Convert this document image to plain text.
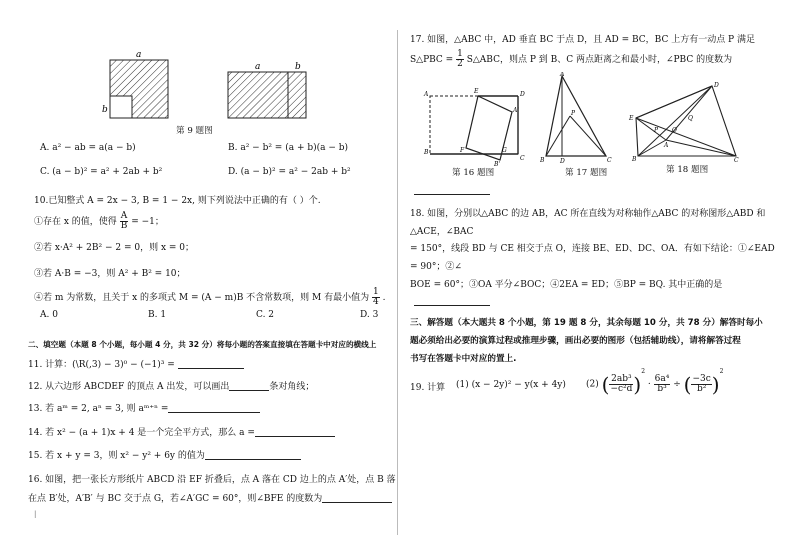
a
b
a	b
第 9 题图
A. a² − ab = a(a − b)	B. a² − b² = (a + b)(a − b)
C. (a − b)² = a² + 2ab + b²	D. (a − b)² = a² − 2ab + b²
10.已知整式 A = 2x − 3, B = 1 − 2x, 则下列说法中正确的有（ ）个.
①存在 x 的值，使得 $\frac{A}{B} = -1$；
②若 x·A² + 2B² − 2 = 0，则 x = 0；
③若 A·B = −3，则 A² + B² = 10；
④若 m 为常数，且关于 x 的多项式 M = (A − m)B 不含常数项，则 M 有最小值为 $\frac{1}{4}$ .
A. 0	B. 1	C. 2	D. 3
二、填空题（本题 8 个小题，每小题 4 分，共 32 分）将每小题的答案直接填在答题卡中对应的横线上
11. 计算：(\R(,3) − 3)⁰ − (−1)³ =
12. 从六边形 ABCDEF 的顶点 A 出发，可以画出	条对角线；
13. 若 aᵐ = 2, aⁿ = 3, 则 aᵐ⁺ⁿ =
14. 若 x² − (a + 1)x + 4 是一个完全平方式，那么 a =
15. 若 x + y = 3，则 x² − y² + 6y 的值为
16. 如图，把一张长方形纸片 ABCD 沿 EF 折叠后，点 A 落在 CD 边上的点 A′处，点 B 落
在点 B′处，A′B′ 与 BC 交于点 G，若∠A′GC = 60°，则∠BFE 的度数为
|
17. 如图，△ABC 中，AD 垂直 BC 于点 D，且 AD = BC，BC 上方有一动点 P 满足
S△PBC = $\frac{1}{2}$ S△ABC，则点 P 到 B、C 两点距离之和最小时，∠PBC 的度数为
A
B
C
D
E
F	G
A'
B'
第 16 题图
A
B	D	C
P
第 17 题图
E
D
B	C
A
O
P
Q
第 18 题图
18. 如图，分别以△ABC 的边 AB，AC 所在直线为对称轴作△ABC 的对称图形△ABD 和
△ACE，∠BAC
= 150°，线段 BD 与 CE 相交于点 O，连接 BE、ED、DC、OA．有如下结论：①∠EAD
= 90°；②∠
BOE = 60°；③OA 平分∠BOC；④2EA = ED；⑤BP = BQ. 其中正确的是
三、解答题（本大题共 8 个小题，第 19 题 8 分，其余每题 10 分，共 78 分）解答时每小
题必须给出必要的演算过程或推理步骤，画出必要的图形（包括辅助线），请将解答过程
书写在答题卡中对应的置上.
19. 计算 (1) (x − 2y)² − y(x + 4y) (2) ( $\frac{\text{2ab³}}{\text{−c²d}} )^2 \cdot \frac{\text{6a⁴}}{\text{b³}}$ ÷ ( $\frac{-3c}{\text{b²}} )^2$
